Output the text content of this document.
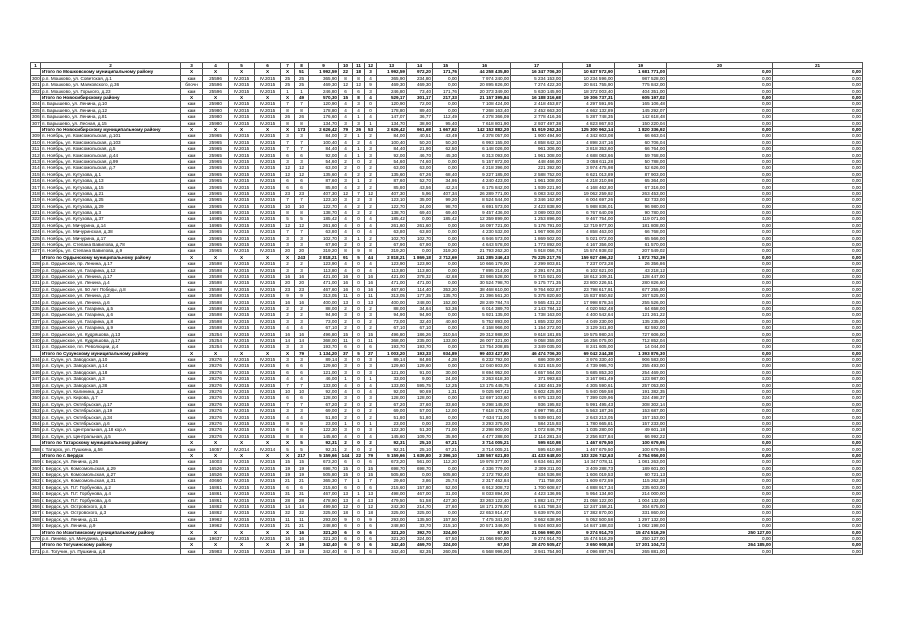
1	2	3	4	5	6	7	8	9	10	11	12	13	14	15	16	17	18	19	20	21
	Итого по Мошковскому муниципальному району	X	X	X	X	X	51	1 992,59	22	18	3	1 992,59	972,20	171,76	44 258 435,80	16 347 706,30	10 637 572,90	1 681 771,00	0,00	0,00
300	р.п. Мошково, ул. Советская, д.1	кам	25596	IV.2015	IV.2015	25	25	365,90	8	8	4	365,90	234,80	0,00	7 974 240,00	5 234 153,00	10 234 596,00	987 528,00	0,00	0,00
301	р.п. Мошково, ул. Маяковского, д.36	блочн	25596	IV.2015	IV.2015	25	25	469,30	12	12	9	469,30	469,30	0,00	20 895 826,00	7 274 422,30	20 841 755,90	775 842,00	0,00	0,00
302	р.п. Мошково, ул. Горького, д.23	кам	25596	IV.2015	IV.2015	1	1	246,80	6	6	3	246,80	73,40	171,76	20 373 349,00	5 630 145,90	18 372 003,40	404 351,00	0,00	0,00
	Итого по Новосибирскому району	X	X	X	X	X	49	570,30	15	8	4	529,17	301,17	217,33	21 157 395,84	16 188 316,68	19 306 737,31	605 197,02	0,00	0,00
304	п. Барышево, ул. Ленина, д.10	кам	25980	IV.2015	IV.2015	7	7	120,90	4	3	0	120,90	72,00	0,00	7 108 424,00	2 418 453,87	4 297 591,95	165 106,48	0,00	0,00
305	п. Барышево, ул. Ленина, д.12	кам	25980	IV.2015	IV.2015	8	8	178,80	4	4	0	178,80	89,40	0,00	7 268 163,40	2 452 663,30	4 662 132,89	145 292,07	0,00	0,00
306	п. Барышево, ул. Ленина, д.81	кам	25980	IV.2015	IV.2015	26	26	176,60	4	1	4	147,07	36,77	112,49	4 278 366,09	2 778 416,36	5 287 748,35	142 618,48	0,00	0,00
307	п. Барышево, ул. Лесная, д.15	кам	25980	IV.2015	IV.2015	8	8	134,70	3	3	1	134,70	38,90	95,40	7 618 801,90	2 937 497,38	4 823 867,93	150 220,04	0,00	0,00
	Итого по Новосибирскому муниципальному району	X	X	X	X	X	173	2 626,42	79	26	53	2 626,42	961,68	1 667,62	142 152 882,20	51 919 262,34	125 300 962,14	1 820 336,92	0,00	0,00
309	п. Ноябрь, ул. Комсомольская, д.101	кам	25965	IV.2015	IV.2015	3	3	84,00	2	1	2	84,00	40,51	43,49	4 378 057,00	1 900 494,90	4 342 603,08	66 663,04	0,00	0,00
310	п. Ноябрь, ул. Комсомольская, д.103	кам	25965	IV.2015	IV.2015	7	7	100,40	4	2	4	100,40	50,20	50,20	6 993 155,00	4 858 642,10	4 898 247,16	60 706,04	0,00	0,00
311	п. Ноябрь, ул. Комсомольская, д.5	кам	25965	IV.2015	IV.2015	7	7	84,40	4	1	3	84,40	21,90	62,50	6 148 026,00	961 306,00	3 818 353,60	66 764,00	0,00	0,00
312	п. Ноябрь, ул. Комсомольская, д.44	кам	25965	IV.2015	IV.2015	6	6	92,00	4	1	3	92,00	46,70	45,30	6 313 093,00	1 961 308,00	4 688 083,66	59 768,00	0,00	0,00
313	п. Ноябрь, ул. Комсомольская, д.99	кам	25965	IV.2015	IV.2015	3	3	54,60	2	0	2	54,60	74,60	0,00	5 157 872,00	448 466,00	3 058 611,28	50 788,00	0,00	0,00
314	п. Ноябрь, ул. Комсомольская, д.7	кам	25965	IV.2015	IV.2015	12	12	63,00	2	0	2	63,00	63,00	0,00	4 218 396,00	221 392,00	3 974 475,98	52 626,00	0,00	0,00
315	п. Ноябрь, ул. Кутузова, д.1	кам	25965	IV.2015	IV.2015	12	12	135,60	4	2	2	135,60	67,26	68,40	9 227 185,00	2 588 752,00	6 621 013,89	87 903,00	0,00	0,00
316	п. Ноябрь, ул. Кутузова, д.13	кам	25965	IV.2015	IV.2015	6	6	87,60	3	1	2	87,60	52,70	34,95	4 240 423,00	1 961 308,00	4 218 210,98	65 364,00	0,00	0,00
317	п. Ноябрь, ул. Кутузова, д.15	кам	25965	IV.2015	IV.2015	6	6	85,80	4	2	2	85,80	43,56	42,24	6 175 842,00	1 939 221,90	4 168 462,80	67 316,00	0,00	0,00
318	п. Ноябрь, ул. Кутузова, д.21	кам	25965	IV.2015	IV.2015	23	23	407,30	12	7	12	407,30	5,96	407,34	26 289 771,00	6 083 342,00	19 062 259,92	263 453,00	0,00	0,00
319	п. Ноябрь, ул. Кутузова, д.25	кам	25965	IV.2015	IV.2015	7	7	123,10	3	2	3	123,10	35,00	99,20	8 524 544,00	3 346 162,90	6 004 697,26	82 733,00	0,00	0,00
320	п. Ноябрь, ул. Кутузова, д.29	кам	25965	IV.2015	IV.2015	10	10	122,70	4	2	2	122,70	24,00	98,70	6 691 573,00	2 423 838,90	5 988 836,01	96 980,00	0,00	0,00
321	п. Ноябрь, ул. Кутузова, д.3	кам	16985	IV.2015	IV.2015	8	8	138,70	4	2	2	138,70	69,40	69,40	9 457 436,00	3 089 003,00	6 767 640,09	90 780,00	0,00	0,00
322	п. Ноябрь, ул. Кутузова, д.37	кам	16985	IV.2015	IV.2015	5	5	185,42	4	0	4	185,42	0,00	185,42	12 359 899,00	1 253 896,00	9 467 754,00	119 071,00	0,00	0,00
323	п. Ноябрь, ул. Мичурина, д.14	кам	16965	IV.2015	IV.2015	12	12	261,60	4	0	4	261,60	261,60	0,00	16 097 721,00	5 176 791,00	12 719 977,00	181 808,00	0,00	0,00
324	п. Ноябрь, ул. Мичуринская, д.38	кам	25965	IV.2015	IV.2015	7	7	63,80	4	0	4	63,80	63,80	0,00	4 230 532,00	1 967 906,00	4 858 463,00	66 768,00	0,00	0,00
325	п. Ноябрь, ул. Мичурина, д.17	кам	25965	IV.2015	IV.2015	3	3	102,70	3	1	2	102,70	102,70	0,00	6 946 573,00	1 869 502,00	5 021 072,00	65 566,00	0,00	0,00
326	п. Ноябрь, ул. Степана Вавилова, д.78	кам	25965	IV.2015	IV.2015	3	3	67,90	2	0	2	67,90	67,90	0,00	4 643 578,00	1 773 892,00	4 167 356,00	61 570,00	0,00	0,00
327	п. Ноябрь, ул. Степана Вавилова, д.9	кам	25965	IV.2015	IV.2015	20	20	319,20	8	9	8	319,20	0,00	319,20	21 793 262,20	5 918 056,74	15 574 938,02	207 549,02	0,00	0,00
	Итого по Ордынскому муниципальному району	X	X	X	X	X	243	2 818,21	91	5	44	2 818,21	1 869,18	2 712,69	241 285 246,43	75 225 217,76	159 927 496,32	1 872 752,39	0,00	0,00
328	р.п. Ордынское, пр. Ленина, д.17	кам	25598	IV.2015	IV.2015	2	2	123,90	4	0	4	123,90	123,90	0,00	10 666 179,00	2 299 803,81	7 237 073,28	26 356,86	0,00	0,00
329	р.п. Ордынское, ул. Гагарина, д.12	кам	25598	IV.2015	IV.2015	3	3	113,80	4	0	4	113,80	113,80	0,00	7 895 214,00	2 391 674,35	6 102 621,00	43 218,12	0,00	0,00
330	р.п. Ордынское, ул. Ленина, д.17	кам	25598	IV.2015	IV.2015	16	16	421,00	16	0	16	421,00	378,32	42,68	33 986 528,00	9 715 921,00	18 612 109,31	128 447,00	0,00	0,00
331	р.п. Ордынское, ул. Ленина, д.4	кам	25598	IV.2015	IV.2015	20	20	471,00	16	0	16	471,00	471,00	0,00	30 524 798,70	9 175 771,35	23 800 226,51	280 826,60	0,00	0,00
332	р.п. Ордынское, ул. 50 лет Победы, д.8	кам	25598	IV.2015	IV.2015	23	23	467,60	16	0	16	467,60	114,40	353,20	38 468 610,00	9 764 602,87	23 798 617,91	677 255,00	0,00	0,00
333	р.п. Ордынское, ул. Ленина, д.2	кам	25598	IV.2015	IV.2015	9	9	313,05	11	0	11	313,05	177,35	135,70	21 396 561,20	5 375 820,80	15 837 850,92	267 525,00	0,00	0,00
334	р.п. Ордынское, ул. Ленина, д.6	кам	25598	IV.2015	IV.2015	16	16	400,00	13	0	13	400,00	248,00	152,00	28 249 784,74	9 565 431,22	17 998 878,34	255 526,00	0,00	0,00
335	р.п. Ордынское, ул. Гагарина, д.5	кам	25598	IV.2015	IV.2015	2	2	88,00	2	0	2	88,00	34,64	53,36	6 014 389,70	2 143 784,12	4 020 552,48	64 658,00	0,00	0,00
336	р.п. Ордынское, ул. Гагарина, д.6	кам	25598	IV.2015	IV.2015	2	2	94,90	3	0	3	94,90	94,90	0,00	5 921 135,00	1 738 163,00	4 400 542,64	121 261,22	0,00	0,00
337	р.п. Ордынское, ул. Гагарина, д.8	кам	25598	IV.2015	IV.2015	3	3	73,00	2	0	2	73,00	32,40	40,60	5 752 893,00	1 855 232,00	4 049 230,00	135 235,00	0,00	0,00
338	р.п. Ордынское, ул. Гагарина, д.9	кам	25598	IV.2015	IV.2015	4	4	67,10	2	0	2	67,10	67,10	0,00	4 158 966,00	1 154 272,00	3 129 341,80	82 592,00	0,00	0,00
339	р.п. Ордынское, ул. Кудряшова, д.13	кам	25254	IV.2015	IV.2015	16	16	496,80	15	0	15	496,80	186,26	310,54	29 312 988,00	9 618 181,85	19 575 980,24	727 606,00	0,00	0,00
340	р.п. Ордынское, ул. Кудряшова, д.17	кам	25254	IV.2015	IV.2015	14	14	368,00	11	0	11	368,00	235,00	133,00	26 007 321,00	9 058 355,00	16 256 075,00	712 852,04	0,00	0,00
341	р.п. Ордынское, пл. Революции, д.4	кам	25254	IV.2015	IV.2015	3	3	193,70	6	0	6	193,70	193,70	0,00	13 754 208,85	3 349 035,00	8 241 605,00	14 044,00	0,00	0,00
	Итого по Сузунскому муниципальному району	X	X	X	X	X	79	1 134,20	37	5	27	1 003,20	193,33	934,89	99 403 427,80	46 474 706,30	69 042 244,38	1 393 876,30	0,00	0,00
344	р.п. Сузун, ул. Заводская, д.10	кам	29276	IV.2015	IV.2015	3	3	89,14	3	0	3	89,14	84,86	4,28	6 232 792,00	686 309,90	3 976 330,40	906 583,00	0,00	0,00
345	р.п. Сузун, ул. Заводская, д.14	кам	29276	IV.2015	IV.2015	6	6	129,60	3	0	3	129,60	129,60	0,00	12 040 803,00	6 321 815,00	4 739 995,70	255 493,00	0,00	0,00
346	р.п. Сузун, ул. Заводская, д.18	кам	29276	IV.2015	IV.2015	6	6	121,00	3	0	3	121,00	91,00	30,00	8 694 952,00	4 657 564,00	5 685 853,30	254 469,00	0,00	0,00
347	р.п. Сузун, ул. Заводская, д.3	кам	29276	IV.2015	IV.2015	4	4	46,00	1	0	1	33,00	9,00	24,00	3 263 618,30	371 993,63	3 167 981,49	123 987,00	0,00	0,00
348	р.п. Сузун, ул. Заводская, д.38	кам	29276	IV.2015	IV.2015	7	7	133,00	4	0	4	133,00	595,75	12,25	13 175 445,75	4 182 461,39	4 305 590,61	257 053,00	0,00	0,00
349	р.п. Сузун, ул. Калинина, д.2	кам	29276	IV.2015	IV.2015	10	10	92,00	4	0	4	92,00	90,69	1,31	9 025 967,42	5 602 425,90	5 940 059,58	191 382,35	0,00	0,00
350	р.п. Сузун, ул. Кирова, д.7	кам	29276	IV.2015	IV.2015	6	6	128,00	3	0	3	128,00	128,00	0,00	12 697 103,60	6 975 133,00	7 399 029,96	324 498,37	0,00	0,00
351	р.п. Сузун, ул. Октябрьская, д.17	кам	29276	IV.2015	IV.2015	7	7	67,20	2	0	2	67,20	37,60	33,60	9 298 145,00	936 195,92	5 991 495,43	308 302,14	0,00	0,00
352	р.п. Сузун, ул. Октябрьская, д.19	кам	29276	IV.2015	IV.2015	3	3	69,00	2	0	2	69,00	57,00	12,00	7 618 176,00	4 997 795,43	5 563 187,36	153 687,00	0,00	0,00
353	р.п. Сузун, ул. Октябрьская, д.34	кам	29276	IV.2015	IV.2015	4	4	51,80	2	0	2	51,80	51,80	0,00	7 634 711,00	5 939 801,00	2 643 213,05	157 153,00	0,00	0,00
354	р.п. Сузун, ул. Октябрьская, д.6	кам	29276	IV.2015	IV.2015	9	9	23,00	1	0	1	23,00	0,00	23,00	3 293 375,00	584 215,93	1 780 665,81	157 233,00	0,00	0,00
355	р.п. Сузун, ул. Центральная, д.18 кор.А	кам	29276	IV.2015	IV.2015	6	6	122,30	3	0	3	122,30	51,30	71,00	2 298 900,00	1 072 846,79	1 035 280,00	49 601,18	0,00	0,00
356	р.п. Сузун, ул. Центральная, д.5	кам	29276	IV.2015	IV.2015	8	8	145,60	4	0	4	145,60	109,70	35,90	4 477 288,00	2 114 281,34	2 256 837,84	66 992,22	0,00	0,00
	Итого по Татарскому муниципальному району	X	X	X	X	X	5	92,31	2	0	2	92,31	25,10	67,21	3 714 005,21	595 610,98	1 467 679,50	100 679,95	0,00	0,00
358	г. Татарск, ул. Пушкина, д.56	кам	16057	IV.2014	IV.2014	5	5	92,31	2	0	2	92,31	25,10	67,21	3 714 005,21	595 610,98	1 467 679,50	100 679,95	0,00	0,00
	Итого по г. Бердск	X	X	X	X	X	217	5 159,66	144	22	79	5 159,66	1 639,80	2 396,10	138 567 621,80	41 433 648,00	103 326 742,63	4 754 956,00	0,00	0,00
359	г. Бердск, ул. Ленина, д.26	кам	16003	IV.2015	IV.2015	15	15	673,20	6	0	6	673,20	561,00	112,20	19 978 377,00	6 634 661,90	14 347 078,11	1 081 263,00	0,00	0,00
360	г. Бердск, ул. Комсомольская, д.29	кам	16526	IV.2015	IV.2015	19	19	698,70	15	0	15	698,70	698,70	0,00	4 336 779,00	2 309 311,00	3 409 288,73	189 601,00	0,00	0,00
361	г. Бердск, ул. Комсомольская, д.27	кам	16526	IV.2015	IV.2015	19	19	505,80	15	0	15	505,80	0,00	505,80	2 172 792,40	634 536,98	1 606 019,53	60 721,13	0,00	0,00
362	г. Бердск, ул. Комсомольская, д.31	кам	40660	IV.2015	IV.2015	21	21	365,30	7	1	7	29,60	3,86	25,74	2 317 462,84	711 758,00	1 609 672,59	115 262,38	0,00	0,00
363	г. Бердск, ул. П.Г. Горбунова, д.2	кам	16861	IV.2015	IV.2015	6	6	215,60	6	0	6	215,60	157,80	52,00	6 912 308,72	1 700 608,67	4 888 917,34	235 603,00	0,00	0,00
364	г. Бердск, ул. П.Г. Горбунова, д.4	кам	16861	IV.2015	IV.2015	31	31	467,00	13	1	13	498,00	467,00	31,00	8 033 894,00	4 423 136,95	5 954 134,80	214 000,00	0,00	0,00
365	г. Бердск, ул. П.Г. Горбунова, д.6	кам	16861	IV.2015	IV.2015	28	28	478,90	13	4	13	479,50	51,58	427,30	33 263 122,40	1 882 141,77	21 058 122,00	1 004 132,00	0,00	0,00
366	г. Бердск, ул. Островского, д.5	кам	16862	IV.2015	IV.2015	14	14	499,50	12	0	12	242,30	214,70	27,60	18 171 278,00	6 141 768,34	12 247 158,21	304 675,00	0,00	0,00
367	г. Бердск, ул. Островского, д.3	кам	16862	IV.2015	IV.2015	32	32	325,00	18	0	18	325,00	325,00	0,00	22 653 914,47	5 639 876,00	17 382 870,00	331 860,00	0,00	0,00
368	г. Бердск, ул. Ленина, д.11	кам	19962	IV.2015	IV.2015	11	11	293,00	9	0	9	293,00	135,50	157,50	7 475 341,00	3 662 638,96	5 052 500,58	1 297 132,00	0,00	0,00
369	г. Бердск, ул. Ленина, д.9	кам	19962	IV.2015	IV.2015	21	21	248,80	6	0	6	248,80	33,70	215,10	20 571 346,00	5 924 803,80	14 847 188,03	1 082 198,00	0,00	0,00
	Итого по Искитимскому муниципальному району	X	X	X	X	X	16	321,20	6	0	6	321,20	392,70	324,00	67,50	21 066 990,00	9 274 914,70	15 474 516,29	250 127,00	0,00
370	р.п. Линево, ул. Мичурина, д.1	кам	19637	IV.2015	IV.2015	16	16	321,20	6	0	6	321,20	324,00	67,50	21 066 990,00	9 274 914,70	15 474 516,29	250 127,00	0,00	0,00
	Итого по Тогучинскому району	X	X	X	X	X	19	342,40	6	0	6	342,40	469,70	324,00	67,50	28 470 505,47	3 650 908,58	17 201 104,72	264 185,00	0,00
371	р.п. Тогучин, ул. Пушкина, д.8	кам	25983	IV.2015	IV.2015	19	19	342,40	6	0	6	342,40	82,35	260,05	6 568 996,00	3 941 754,90	4 096 897,76	265 881,00	0,00	0,00
